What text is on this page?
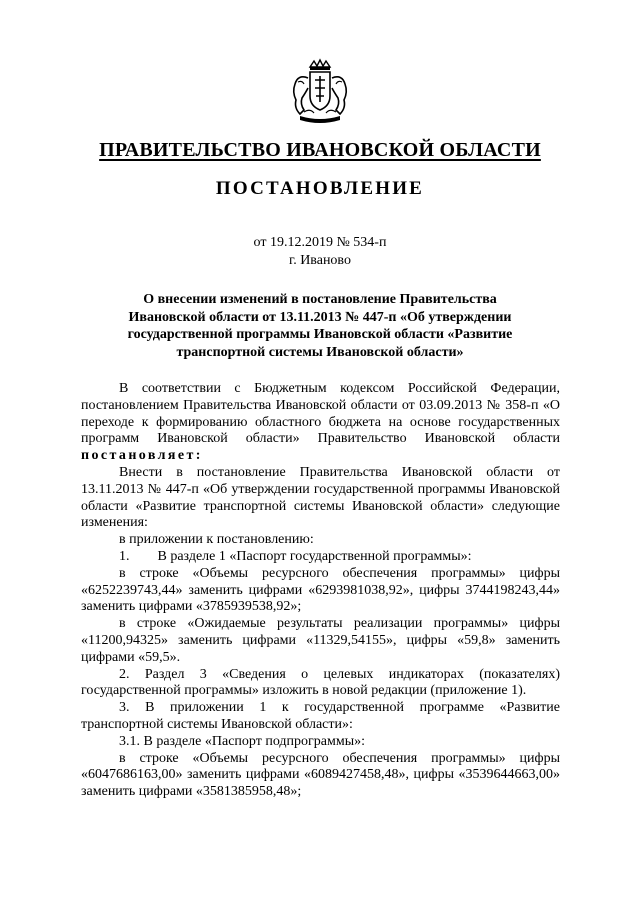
ПРАВИТЕЛЬСТВО ИВАНОВСКОЙ ОБЛАСТИ
ПОСТАНОВЛЕНИЕ
от 19.12.2019 № 534-п
г. Иваново
О внесении изменений в постановление Правительства
Ивановской области от 13.11.2013 № 447-п «Об утверждении
государственной программы Ивановской области «Развитие
транспортной системы Ивановской области»

В соответствии с Бюджетным кодексом Российской Федерации, постановлением Правительства Ивановской области от 03.09.2013 № 358-п «О переходе к формированию областного бюджета на основе государственных программ Ивановской области» Правительство Ивановской области постановляет:

Внести в постановление Правительства Ивановской области от 13.11.2013 № 447-п «Об утверждении государственной программы Ивановской области «Развитие транспортной системы Ивановской области» следующие изменения:

в приложении к постановлению:

1. В разделе 1 «Паспорт государственной программы»:

в строке «Объемы ресурсного обеспечения программы» цифры «6252239743,44» заменить цифрами «6293981038,92», цифры 3744198243,44» заменить цифрами «3785939538,92»;

в строке «Ожидаемые результаты реализации программы» цифры «11200,94325» заменить цифрами «11329,54155», цифры «59,8» заменить цифрами «59,5».

2. Раздел 3 «Сведения о целевых индикаторах (показателях) государственной программы» изложить в новой редакции (приложение 1).

3. В приложении 1 к государственной программе «Развитие транспортной системы Ивановской области»:

3.1. В разделе «Паспорт подпрограммы»:

в строке «Объемы ресурсного обеспечения программы» цифры «6047686163,00» заменить цифрами «6089427458,48», цифры «3539644663,00» заменить цифрами «3581385958,48»;
